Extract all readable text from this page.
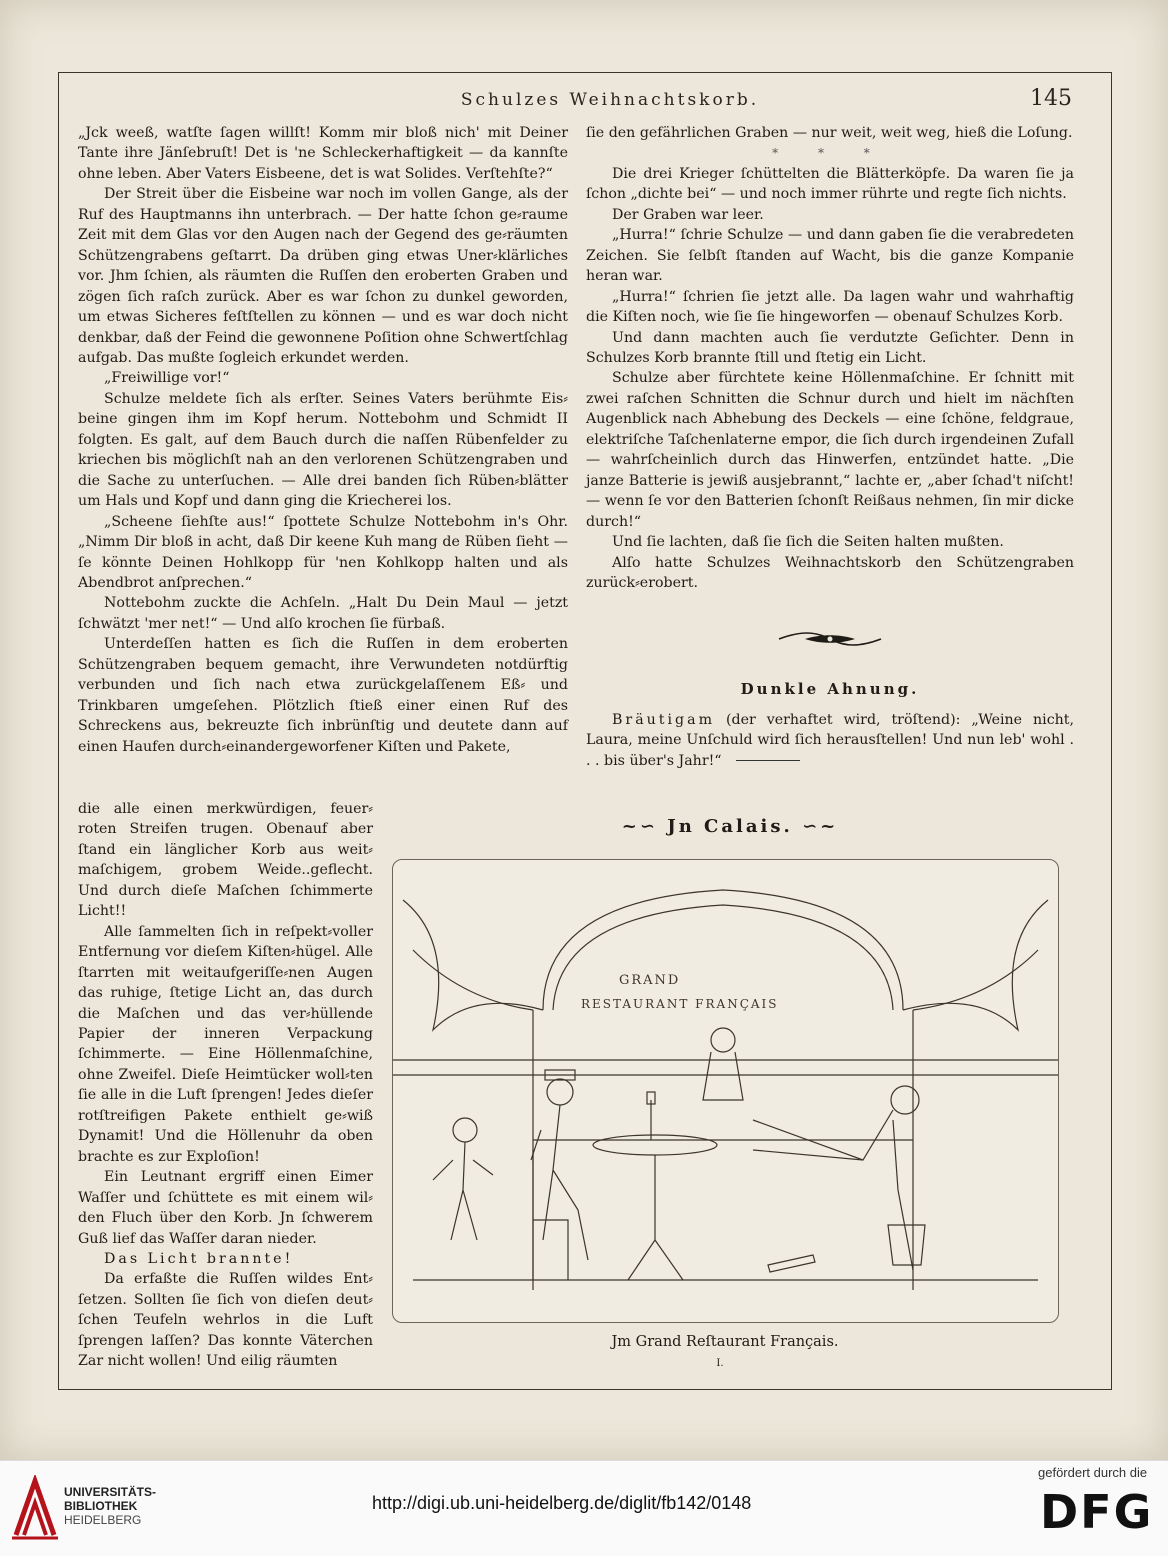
Schulzes Weihnachtskorb.	145

„Jck weeß, watſte ſagen willſt! Komm mir bloß nich' mit Deiner Tante ihre Jänſebruſt! Det is 'ne Schleckerhaftigkeit — da kannſte ohne leben. Aber Vaters Eisbeene, det is wat Solides. Verſtehſte?“

Der Streit über die Eisbeine war noch im vollen Gange, als der Ruf des Hauptmanns ihn unterbrach. — Der hatte ſchon ge⸗raume Zeit mit dem Glas vor den Augen nach der Gegend des ge⸗räumten Schützengrabens geſtarrt. Da drüben ging etwas Uner⸗klärliches vor. Jhm ſchien, als räumten die Ruſſen den eroberten Graben und zögen ſich raſch zurück. Aber es war ſchon zu dunkel geworden, um etwas Sicheres feſtſtellen zu können — und es war doch nicht denkbar, daß der Feind die gewonnene Poſition ohne Schwertſchlag aufgab. Das mußte ſogleich erkundet werden.

„Freiwillige vor!“

Schulze meldete ſich als erſter. Seines Vaters berühmte Eis⸗beine gingen ihm im Kopf herum. Nottebohm und Schmidt II folgten. Es galt, auf dem Bauch durch die naſſen Rübenfelder zu kriechen bis möglichſt nah an den verlorenen Schützengraben und die Sache zu unterſuchen. — Alle drei banden ſich Rüben⸗blätter um Hals und Kopf und dann ging die Kriecherei los.

„Scheene ſiehſte aus!“ ſpottete Schulze Nottebohm in's Ohr. „Nimm Dir bloß in acht, daß Dir keene Kuh mang de Rüben ſieht — ſe könnte Deinen Hohlkopp für 'nen Kohlkopp halten und als Abendbrot anſprechen.“

Nottebohm zuckte die Achſeln. „Halt Du Dein Maul — jetzt ſchwätzt 'mer net!“ — Und alſo krochen ſie fürbaß.

Unterdeſſen hatten es ſich die Ruſſen in dem eroberten Schützengraben bequem gemacht, ihre Verwundeten notdürftig verbunden und ſich nach etwa zurückgelaſſenem Eß⸗ und Trinkbaren umgeſehen. Plötzlich ſtieß einer einen Ruf des Schreckens aus, bekreuzte ſich inbrünſtig und deutete dann auf einen Haufen durch⸗einandergeworfener Kiſten und Pakete,

die alle einen merkwürdigen, feuer⸗roten Streifen trugen. Obenauf aber ſtand ein länglicher Korb aus weit⸗maſchigem, grobem Weide..geflecht. Und durch dieſe Maſchen ſchimmerte Licht!!

Alle ſammelten ſich in reſpekt⸗voller Entfernung vor dieſem Kiſten⸗hügel. Alle ſtarrten mit weitaufgeriſſe⸗nen Augen das ruhige, ſtetige Licht an, das durch die Maſchen und das ver⸗hüllende Papier der inneren Verpackung ſchimmerte. — Eine Höllenmaſchine, ohne Zweifel. Dieſe Heimtücker woll⸗ten ſie alle in die Luft ſprengen! Jedes dieſer rotſtreifigen Pakete enthielt ge⸗wiß Dynamit! Und die Höllenuhr da oben brachte es zur Exploſion!

Ein Leutnant ergriff einen Eimer Waſſer und ſchüttete es mit einem wil⸗den Fluch über den Korb. Jn ſchwerem Guß lief das Waſſer daran nieder.

Das Licht brannte!

Da erfaßte die Ruſſen wildes Ent⸗ſetzen. Sollten ſie ſich von dieſen deut⸗ſchen Teufeln wehrlos in die Luft ſprengen laſſen? Das konnte Väterchen Zar nicht wollen! Und eilig räumten

ſie den gefährlichen Graben — nur weit, weit weg, hieß die Loſung.

* * *

Die drei Krieger ſchüttelten die Blätterköpfe. Da waren ſie ja ſchon „dichte bei“ — und noch immer rührte und regte ſich nichts.

Der Graben war leer.

„Hurra!“ ſchrie Schulze — und dann gaben ſie die verabredeten Zeichen. Sie ſelbſt ſtanden auf Wacht, bis die ganze Kompanie heran war.

„Hurra!“ ſchrien ſie jetzt alle. Da lagen wahr und wahrhaftig die Kiſten noch, wie ſie ſie hingeworfen — obenauf Schulzes Korb.

Und dann machten auch ſie verdutzte Geſichter. Denn in Schulzes Korb brannte ſtill und ſtetig ein Licht.

Schulze aber fürchtete keine Höllenmaſchine. Er ſchnitt mit zwei raſchen Schnitten die Schnur durch und hielt im nächſten Augenblick nach Abhebung des Deckels — eine ſchöne, feldgraue, elektriſche Taſchenlaterne empor, die ſich durch irgendeinen Zufall — wahrſcheinlich durch das Hinwerfen, entzündet hatte. „Die janze Batterie is jewiß ausjebrannt,“ lachte er, „aber ſchad't niſcht! — wenn ſe vor den Batterien ſchonſt Reißaus nehmen, ſin mir dicke durch!“

Und ſie lachten, daß ſie ſich die Seiten halten mußten.

Alſo hatte Schulzes Weihnachtskorb den Schützengraben zurück⸗erobert.

Dunkle Ahnung.

Bräutigam (der verhaftet wird, tröſtend): „Weine nicht, Laura, meine Unſchuld wird ſich herausſtellen! Und nun leb' wohl . . . bis über's Jahr!“

~∽ Jn Calais. ∽~
GRAND
RESTAURANT FRANÇAIS
Jm Grand Reſtaurant Français.
I.
UNIVERSITÄTS-
BIBLIOTHEK
HEIDELBERG
http://digi.ub.uni-heidelberg.de/diglit/fb142/0148
gefördert durch die
DFG
